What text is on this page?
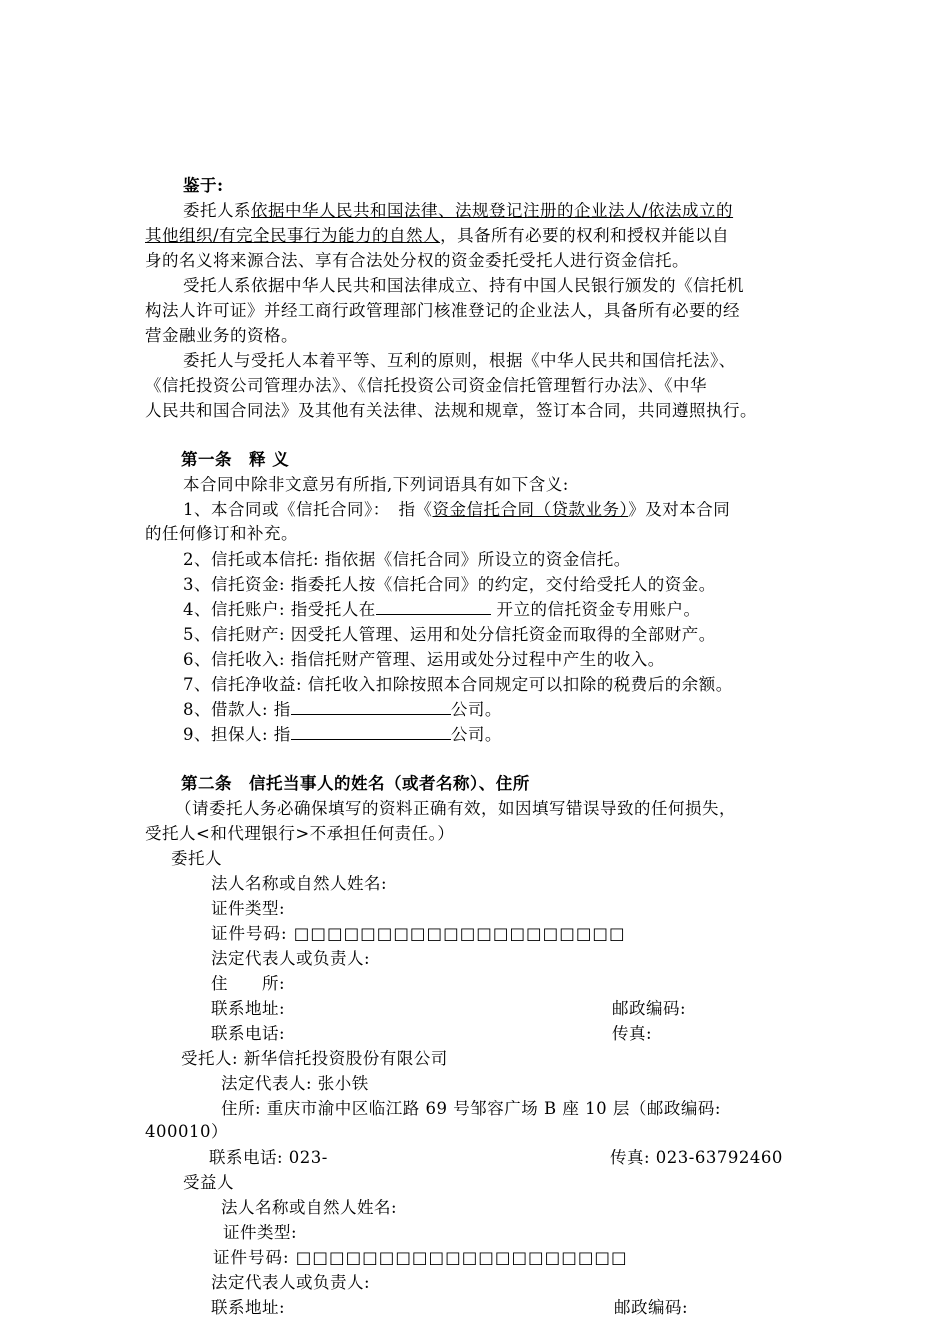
鉴于:
委托人系依据中华人民共和国法律、法规登记注册的企业法人/依法成立的
其他组织/有完全民事行为能力的自然人，具备所有必要的权利和授权并能以自
身的名义将来源合法、享有合法处分权的资金委托受托人进行资金信托。
受托人系依据中华人民共和国法律成立、持有中国人民银行颁发的《信托机
构法人许可证》并经工商行政管理部门核准登记的企业法人，具备所有必要的经
营金融业务的资格。
委托人与受托人本着平等、互利的原则，根据《中华人民共和国信托法》、
《信托投资公司管理办法》、《信托投资公司资金信托管理暂行办法》、《中华
人民共和国合同法》及其他有关法律、法规和规章，签订本合同，共同遵照执行。
第一条　释 义
本合同中除非文意另有所指,下列词语具有如下含义:
1、本合同或《信托合同》：　指《资金信托合同（贷款业务）》及对本合同
的任何修订和补充。
2、信托或本信托: 指依据《信托合同》所设立的资金信托。
3、信托资金: 指委托人按《信托合同》的约定，交付给受托人的资金。
4、信托账户: 指受托人在	开立的信托资金专用账户。
5、信托财产: 因受托人管理、运用和处分信托资金而取得的全部财产。
6、信托收入: 指信托财产管理、运用或处分过程中产生的收入。
7、信托净收益: 信托收入扣除按照本合同规定可以扣除的税费后的余额。
8、借款人: 指	公司。
9、担保人: 指	公司。
第二条　信托当事人的姓名（或者名称）、住所
（请委托人务必确保填写的资料正确有效，如因填写错误导致的任何损失，
受托人<和代理银行>不承担任何责任。）
委托人
法人名称或自然人姓名:
证件类型:
证件号码: □□□□□□□□□□□□□□□□□□□□
法定代表人或负责人:
住　　所:
联系地址:	邮政编码:
联系电话:	传真:
受托人: 新华信托投资股份有限公司
法定代表人: 张小铁
住所: 重庆市渝中区临江路 69 号邹容广场 B 座 10 层（邮政编码:
400010）
联系电话: 023-	传真: 023-63792460
受益人
法人名称或自然人姓名:
证件类型:
证件号码: □□□□□□□□□□□□□□□□□□□□
法定代表人或负责人:
联系地址:	邮政编码:
